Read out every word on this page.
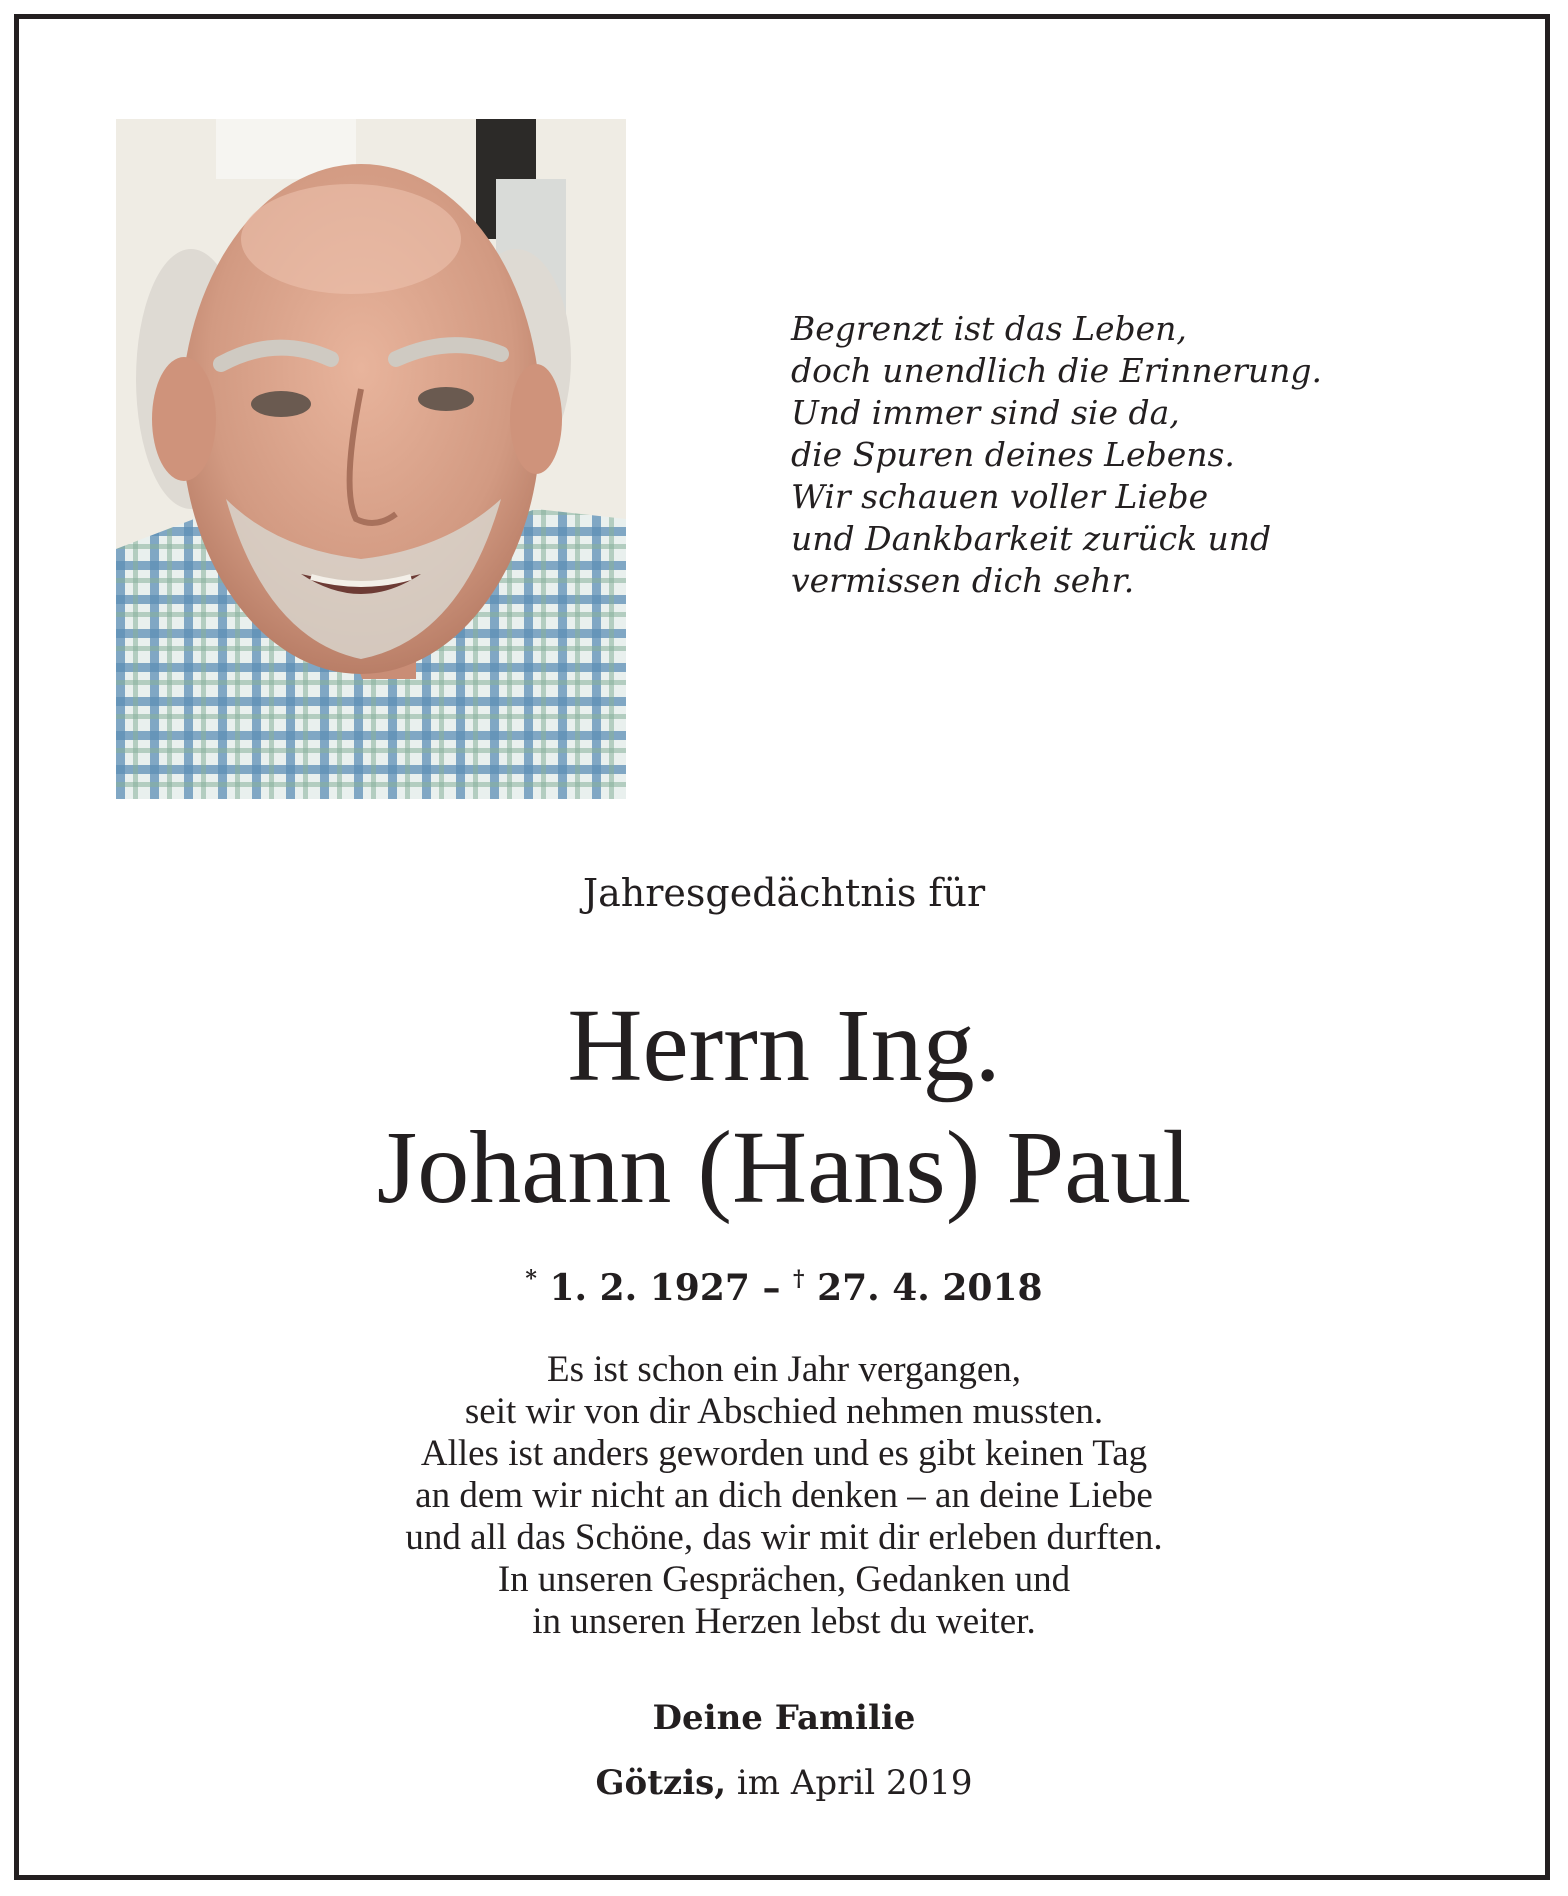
Begrenzt ist das Leben,
doch unendlich die Erinnerung.
Und immer sind sie da,
die Spuren deines Lebens.
Wir schauen voller Liebe
und Dankbarkeit zurück und
vermissen dich sehr.
Jahresgedächtnis für
Herrn Ing.
Johann (Hans) Paul
* 1. 2. 1927 – † 27. 4. 2018
Es ist schon ein Jahr vergangen,
seit wir von dir Abschied nehmen mussten.
Alles ist anders geworden und es gibt keinen Tag
an dem wir nicht an dich denken – an deine Liebe
und all das Schöne, das wir mit dir erleben durften.
In unseren Gesprächen, Gedanken und
in unseren Herzen lebst du weiter.
Deine Familie
Götzis, im April 2019
